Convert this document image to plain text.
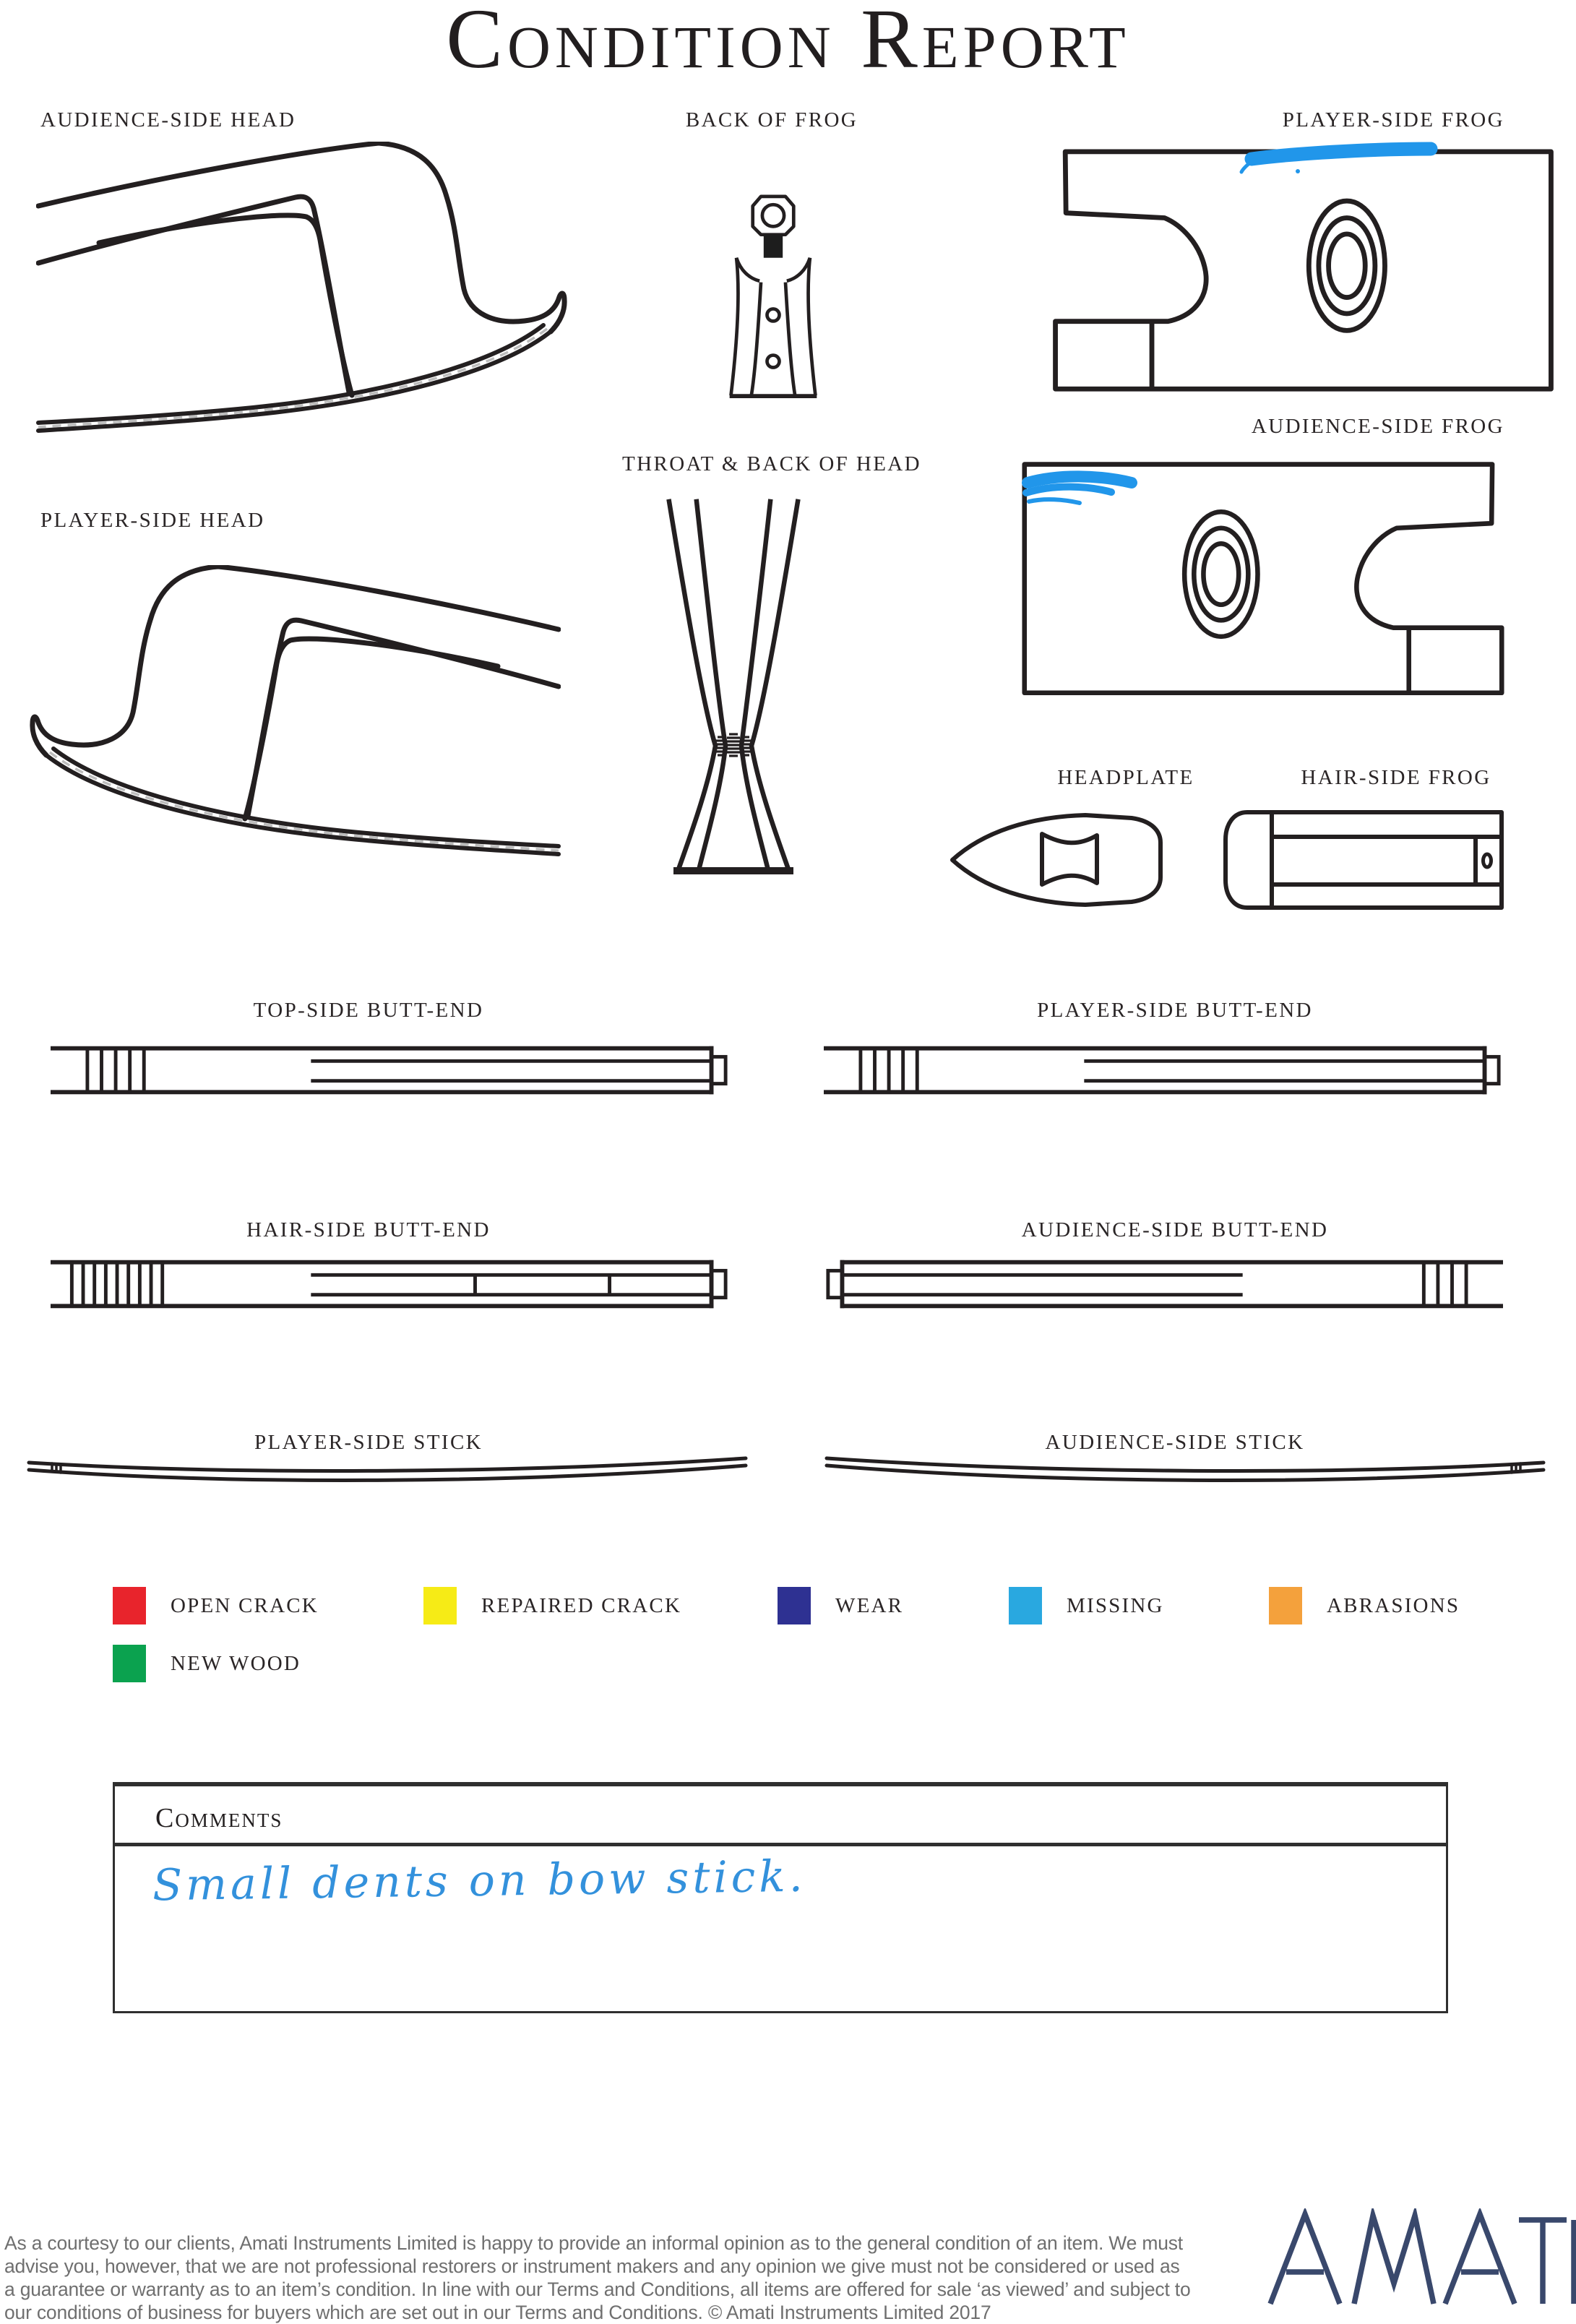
Condition Report
AUDIENCE-SIDE HEAD	BACK OF FROG	PLAYER-SIDE FROG
AUDIENCE-SIDE FROG
PLAYER-SIDE HEAD
THROAT & BACK OF HEAD
HEADPLATE	HAIR-SIDE FROG
TOP-SIDE BUTT-END	PLAYER-SIDE BUTT-END
HAIR-SIDE BUTT-END	AUDIENCE-SIDE BUTT-END
PLAYER-SIDE STICK	AUDIENCE-SIDE STICK
OPEN CRACK	REPAIRED CRACK	WEAR	MISSING	ABRASIONS
NEW WOOD
Comments
Small dents on bow stick.
As a courtesy to our clients, Amati Instruments Limited is happy to provide an informal opinion as to the general condition of an item. We must
advise you, however, that we are not professional restorers or instrument makers and any opinion we give must not be considered or used as
a guarantee or warranty as to an item’s condition. In line with our Terms and Conditions, all items are offered for sale ‘as viewed’ and subject to
our conditions of business for buyers which are set out in our Terms and Conditions. © Amati Instruments Limited 2017
